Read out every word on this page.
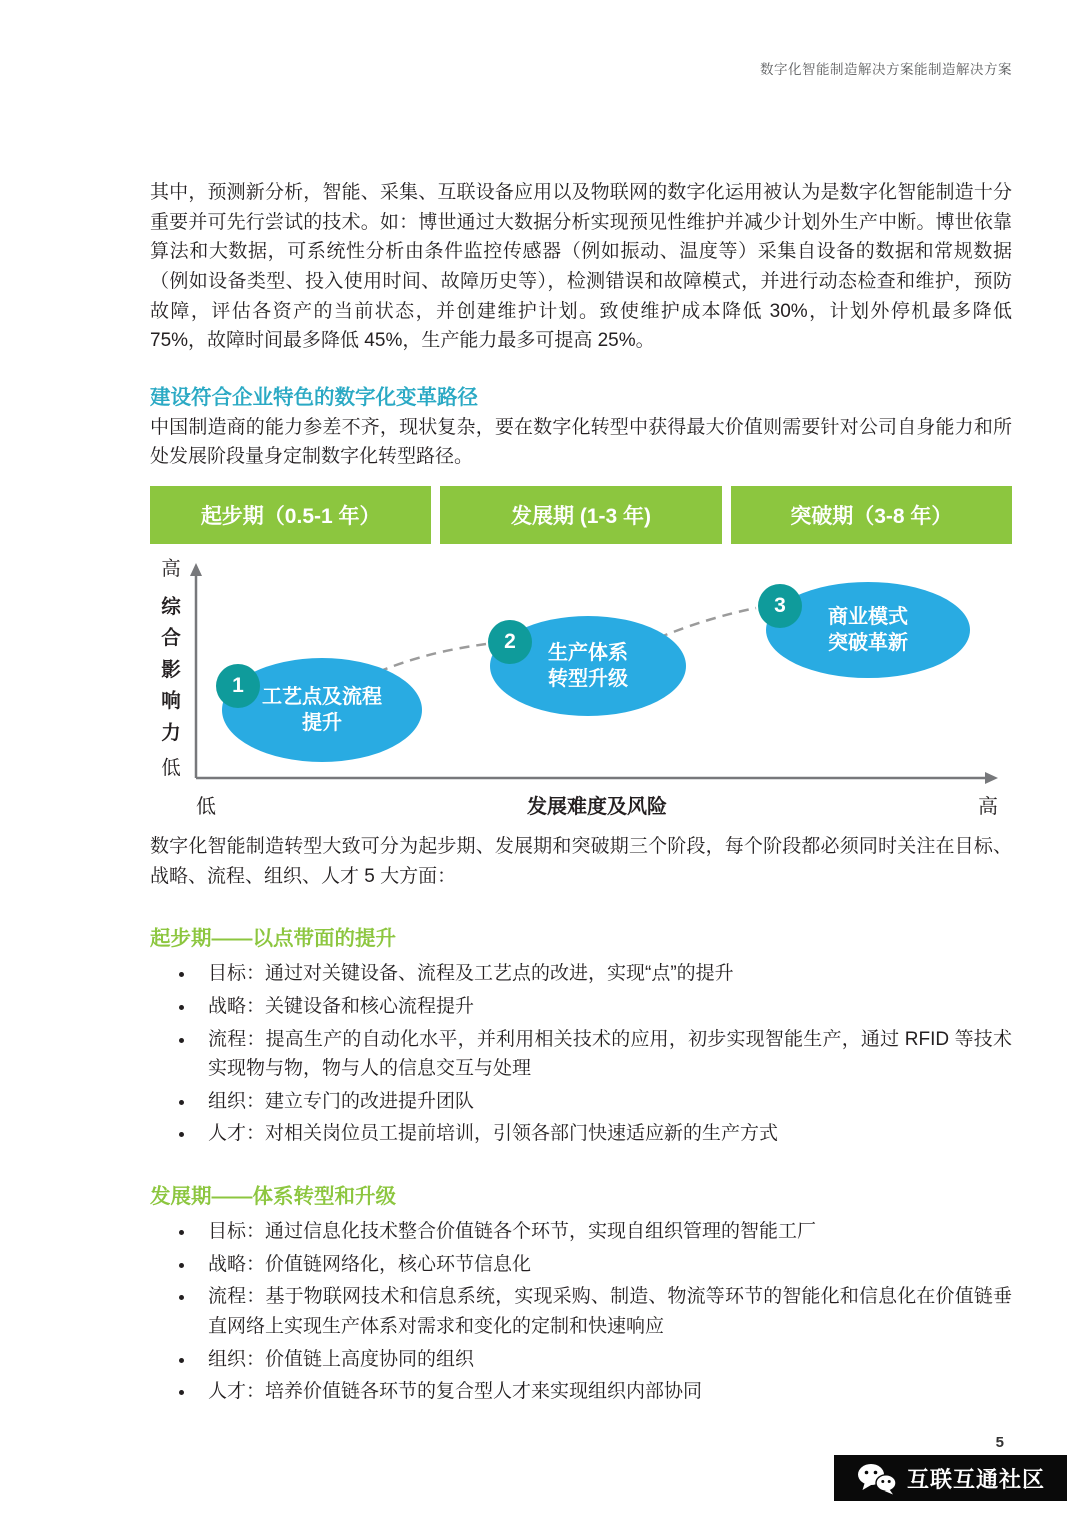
数字化智能制造解决方案能制造解决方案

其中，预测新分析，智能、采集、互联设备应用以及物联网的数字化运用被认为是数字化智能制造十分重要并可先行尝试的技术。如：博世通过大数据分析实现预见性维护并减少计划外生产中断。博世依靠算法和大数据，可系统性分析由条件监控传感器（例如振动、温度等）采集自设备的数据和常规数据（例如设备类型、投入使用时间、故障历史等），检测错误和故障模式，并进行动态检查和维护，预防故障，评估各资产的当前状态，并创建维护计划。致使维护成本降低 30%，计划外停机最多降低 75%，故障时间最多降低 45%，生产能力最多可提高 25%。

建设符合企业特色的数字化变革路径

中国制造商的能力参差不齐，现状复杂，要在数字化转型中获得最大价值则需要针对公司自身能力和所处发展阶段量身定制数字化转型路径。

起步期（0.5-1 年）	发展期 (1-3 年)	突破期（3-8 年）
高
综合影响力
低
工艺点及流程
提升
1
生产体系
转型升级
2
商业模式
突破革新
3
低	发展难度及风险	高

数字化智能制造转型大致可分为起步期、发展期和突破期三个阶段，每个阶段都必须同时关注在目标、战略、流程、组织、人才 5 大方面：

起步期——以点带面的提升
• 目标：通过对关键设备、流程及工艺点的改进，实现“点”的提升
• 战略：关键设备和核心流程提升
• 流程：提高生产的自动化水平，并利用相关技术的应用，初步实现智能生产，通过 RFID 等技术实现物与物，物与人的信息交互与处理
• 组织：建立专门的改进提升团队
• 人才：对相关岗位员工提前培训，引领各部门快速适应新的生产方式
发展期——体系转型和升级
• 目标：通过信息化技术整合价值链各个环节，实现自组织管理的智能工厂
• 战略：价值链网络化，核心环节信息化
• 流程：基于物联网技术和信息系统，实现采购、制造、物流等环节的智能化和信息化在价值链垂直网络上实现生产体系对需求和变化的定制和快速响应
• 组织：价值链上高度协同的组织
• 人才：培养价值链各环节的复合型人才来实现组织内部协同
5
互联互通社区
